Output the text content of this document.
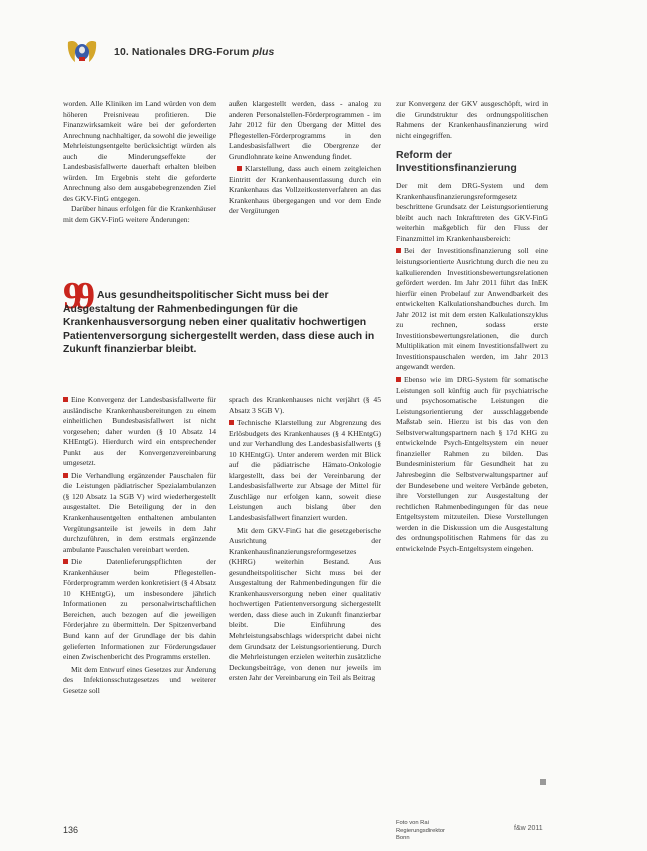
10. Nationales DRG-Forum plus

worden. Alle Kliniken im Land würden von dem höheren Preisniveau profitieren. Die Finanzwirksamkeit wäre bei der geforderten Anrechnung nachhaltiger, da sowohl die jeweilige Mehrleistungsentgelte berücksichtigt würden als auch die Minderungseffekte der Landesbasisfallwerte dauerhaft erhalten bleiben würden. Im Ergebnis steht die geforderte Anrechnung also dem ausgabebegrenzenden Ziel des GKV-FinG entgegen.

Darüber hinaus erfolgen für die Krankenhäuser mit dem GKV-FinG weitere Änderungen:

außen klargestellt werden, dass - analog zu anderen Personalstellen-Förderprogrammen - im Jahr 2012 für den Übergang der Mittel des Pflegestellen-Förderprogramms in den Landesbasisfallwert die Obergrenze der Grundlohnrate keine Anwendung findet.

Klarstellung, dass auch einem zeitgleichen Eintritt der Krankenhausentlassung durch ein Krankenhaus das Vollzeitkostenverfahren an das Krankenhaus übergegangen und vor dem Ende der Vergütungen

zur Konvergenz der GKV ausgeschöpft, wird in die Grundstruktur des ordnungspolitischen Rahmens der Krankenhausfinanzierung wird nicht eingegriffen.

Reform der Investitionsfinanzierung

Der mit dem DRG-System und dem Krankenhausfinanzierungsreformgesetz beschrittene Grundsatz der Leistungsorientierung bleibt auch nach Inkrafttreten des GKV-FinG weiterhin maßgeblich für den Fluss der Finanzmittel im Krankenhausbereich:

Bei der Investitionsfinanzierung soll eine leistungsorientierte Ausrichtung durch die neu zu kalkulierenden Investitionsbewertungsrelationen gefördert werden. Im Jahr 2011 führt das InEK hierfür einen Probelauf zur Anwendbarkeit des entwickelten Kalkulationshandbuches durch. Im Jahr 2012 ist mit dem ersten Kalkulationszyklus zu rechnen, sodass erste Investitionsbewertungsrelationen, die durch Multiplikation mit einem Investitionsfallwert zu Investitionspauschalen werden, im Jahr 2013 angewandt werden.

Ebenso wie im DRG-System für somatische Leistungen soll künftig auch für psychiatrische und psychosomatische Leistungen die Leistungsorientierung der ausschlaggebende Maßstab sein. Hierzu ist bis das von den Selbstverwaltungspartnern nach § 17d KHG zu entwickelnde Psych-Entgeltsystem ein neuer finanzieller Rahmen zu bilden. Das Bundesministerium für Gesundheit hat zu Jahresbeginn die Selbstverwaltungspartner auf der Bundesebene und weitere Verbände gebeten, ihre Vorstellungen zur Ausgestaltung der rechtlichen Rahmenbedingungen für das neue Entgeltsystem mitzuteilen. Diese Vorstellungen werden in die Diskussion um die Ausgestaltung des ordnungspolitischen Rahmens für das zu entwickelnde Psych-Entgeltsystem eingehen.

99 Aus gesundheitspolitischer Sicht muss bei der Ausgestaltung der Rahmenbedingungen für die Krankenhausversorgung neben einer qualitativ hochwertigen Patientenversorgung sichergestellt werden, dass diese auch in Zukunft finanzierbar bleibt.

Eine Konvergenz der Landesbasisfallwerte für ausländische Krankenhausbereitungen zu einem einheitlichen Bundesbasisfallwert ist nicht vorgesehen; daher wurden (§ 10 Absatz 14 KHEntgG). Hierdurch wird ein entsprechender Punkt aus der Konvergenzvereinbarung umgesetzt.

Die Verhandlung ergänzender Pauschalen für die Leistungen pädiatrischer Spezialambulanzen (§ 120 Absatz 1a SGB V) wird wiederhergestellt ausgestaltet. Die Beteiligung der in den Krankenhausentgelten enthaltenen ambulanten Vergütungsanteile ist jeweils in dem Jahr durchzuführen, in dem erstmals ergänzende ambulante Pauschalen vereinbart werden.

Die Datenlieferungspflichten der Krankenhäuser beim Pflegestellen-Förderprogramm werden konkretisiert (§ 4 Absatz 10 KHEntgG), um insbesondere jährlich Informationen zu personalwirtschaftlichen Bereichen, auch bezogen auf die jeweiligen Förderjahre zu übermitteln. Der Spitzenverband Bund kann auf der Grundlage der bis dahin gelieferten Informationen zur Förderungsdauer einen Zwischenbericht des Programms erstellen.

Mit dem Entwurf eines Gesetzes zur Änderung des Infektionsschutzgesetzes und weiterer Gesetze soll

sprach des Krankenhauses nicht verjährt (§ 45 Absatz 3 SGB V).

Technische Klarstellung zur Abgrenzung des Erlösbudgets des Krankenhauses (§ 4 KHEntgG) und zur Verhandlung des Landesbasisfallwerts (§ 10 KHEntgG). Unter anderem werden mit Blick auf die pädiatrische Hämato-Onkologie klargestellt, dass bei der Vereinbarung der Landesbasisfallwerte zur Absage der Mittel für Zuschläge nur erfolgen kann, soweit diese Leistungen auch bislang über den Landesbasisfallwert finanziert wurden.

Mit dem GKV-FinG hat die gesetzgeberische Ausrichtung der Krankenhausfinanzierungsreformgesetzes (KHRG) weiterhin Bestand. Aus gesundheitspolitischer Sicht muss bei der Ausgestaltung der Rahmenbedingungen für die Krankenhausversorgung neben einer qualitativ hochwertigen Patientenversorgung sichergestellt werden, dass diese auch in Zukunft finanzierbar bleibt. Die Einführung des Mehrleistungsabschlags widerspricht dabei nicht dem Grundsatz der Leistungsorientierung. Durch die Mehrleistungen erzielen weiterhin zusätzliche Deckungsbeiträge, von denen nur jeweils im ersten Jahr der Vereinbarung ein Teil als Beitrag

Foto von Rai
Regierungsdirektor
Bonn
136	f&w 2011
